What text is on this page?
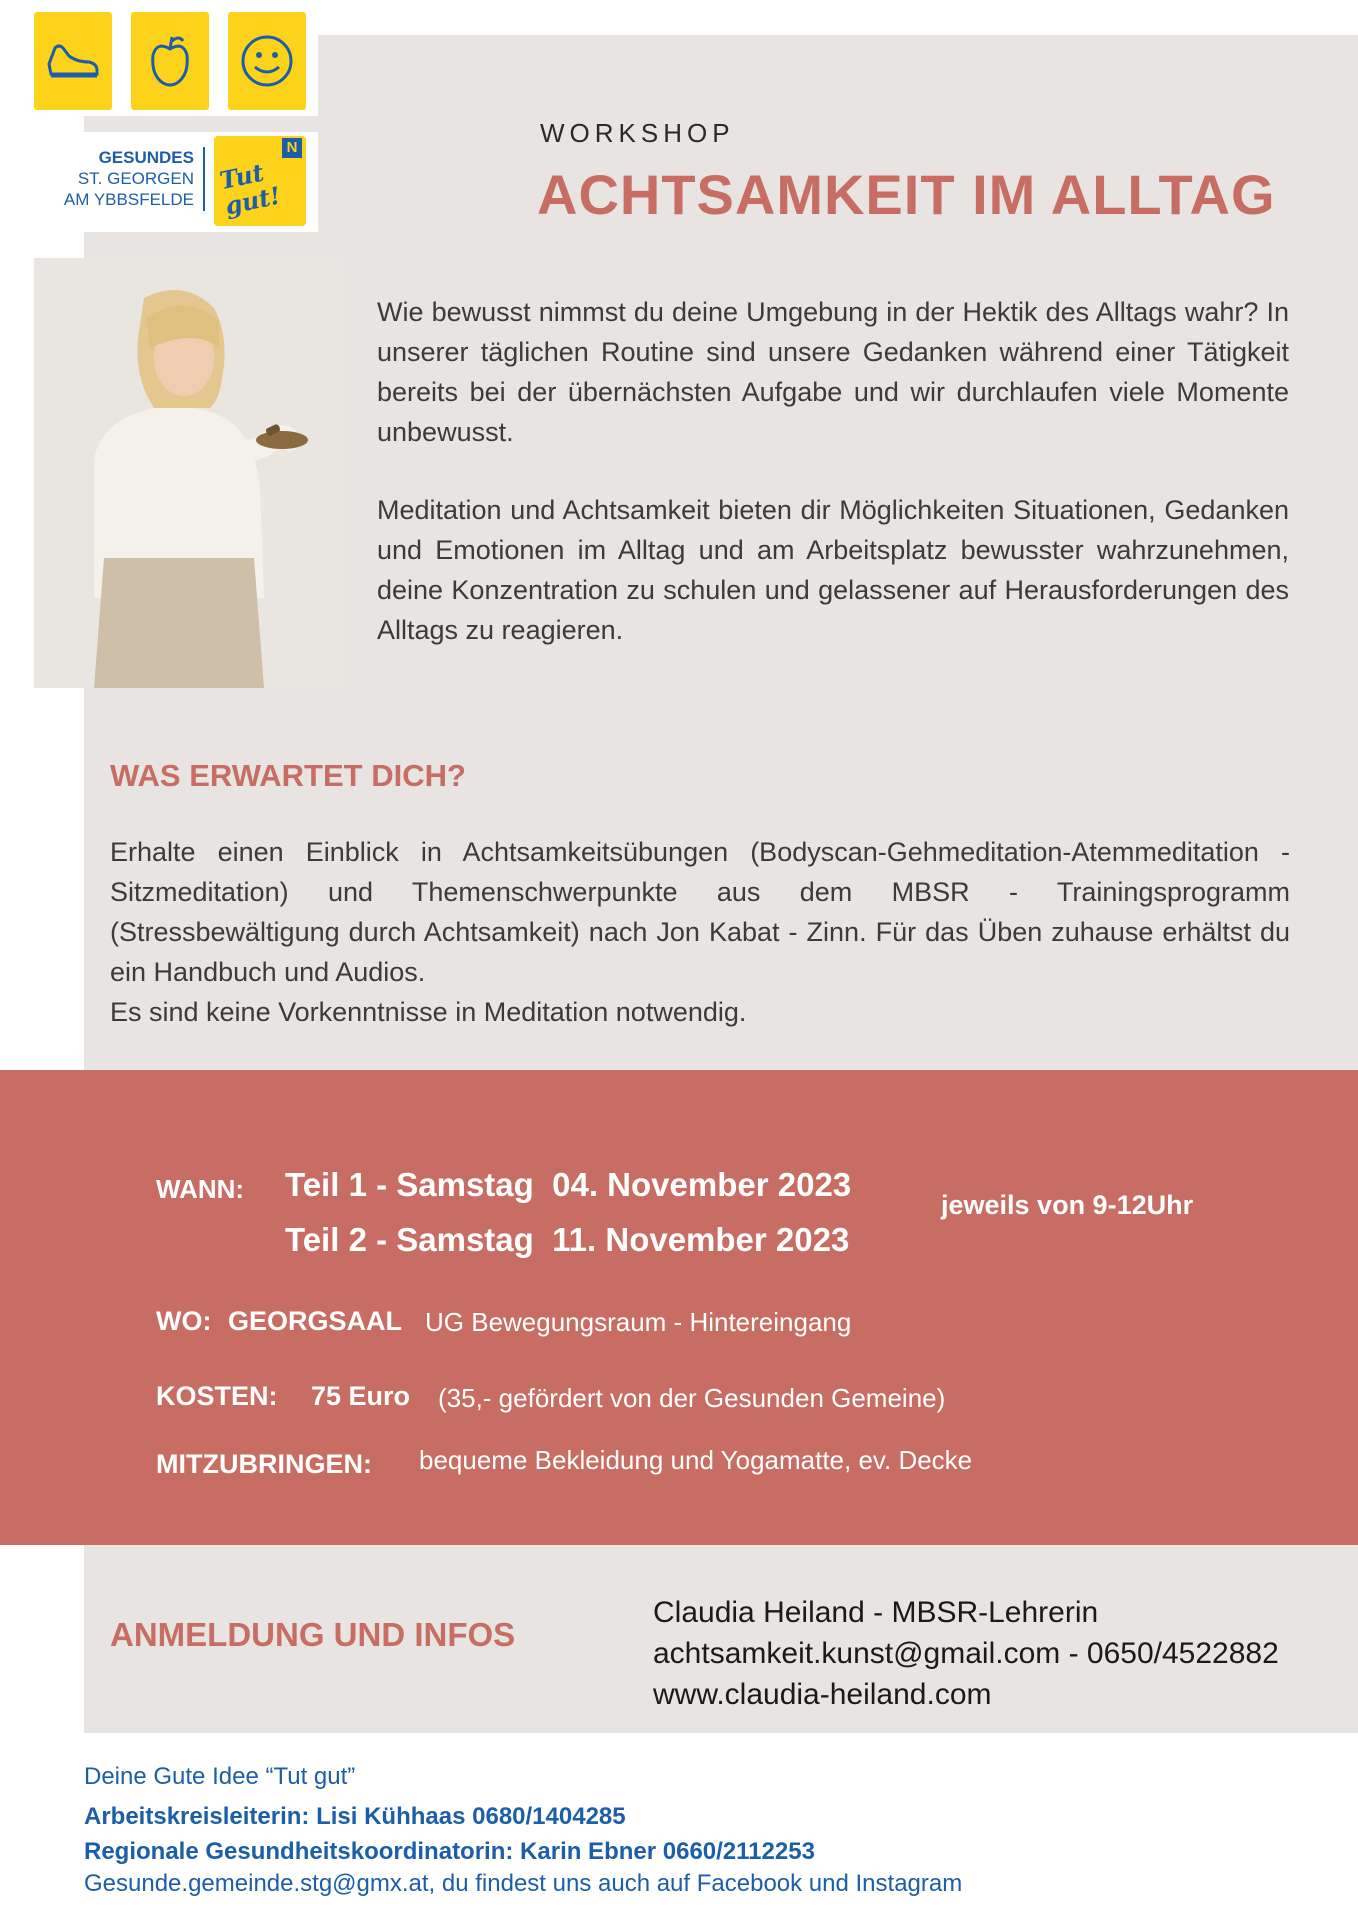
GESUNDES
ST. GEORGEN
AM YBBSFELDE
N
Tut gut!
WORKSHOP
ACHTSAMKEIT IM ALLTAG
Wie bewusst nimmst du deine Umgebung in der Hektik des Alltags wahr? In unserer täglichen Routine sind unsere Gedanken während einer Tätigkeit bereits bei der übernächsten Aufgabe und wir durchlaufen viele Momente unbewusst.
Meditation und Achtsamkeit bieten dir Möglichkeiten Situationen, Gedanken und Emotionen im Alltag und am Arbeitsplatz bewusster wahrzunehmen, deine Konzentration zu schulen und gelassener auf Herausforderungen des Alltags zu reagieren.
WAS ERWARTET DICH?
Erhalte einen Einblick in Achtsamkeitsübungen (Bodyscan-Gehmeditation-Atemmeditation - Sitzmeditation) und Themenschwerpunkte aus dem MBSR - Trainingsprogramm (Stressbewältigung durch Achtsamkeit) nach Jon Kabat - Zinn. Für das Üben zuhause erhältst du ein Handbuch und Audios.
Es sind keine Vorkenntnisse in Meditation notwendig.
WANN: Teil 1 - Samstag  04. November 2023
Teil 2 - Samstag  11. November 2023
jeweils von 9-12Uhr
WO: GEORGSAAL UG Bewegungsraum - Hintereingang
KOSTEN: 75 Euro (35,- gefördert von der Gesunden Gemeine)
MITZUBRINGEN: bequeme Bekleidung und Yogamatte, ev. Decke
ANMELDUNG UND INFOS
Claudia Heiland - MBSR-Lehrerin
achtsamkeit.kunst@gmail.com - 0650/4522882
www.claudia-heiland.com
Deine Gute Idee “Tut gut”
Arbeitskreisleiterin: Lisi Kühhaas 0680/1404285
Regionale Gesundheitskoordinatorin: Karin Ebner 0660/2112253
Gesunde.gemeinde.stg@gmx.at, du findest uns auch auf Facebook und Instagram
